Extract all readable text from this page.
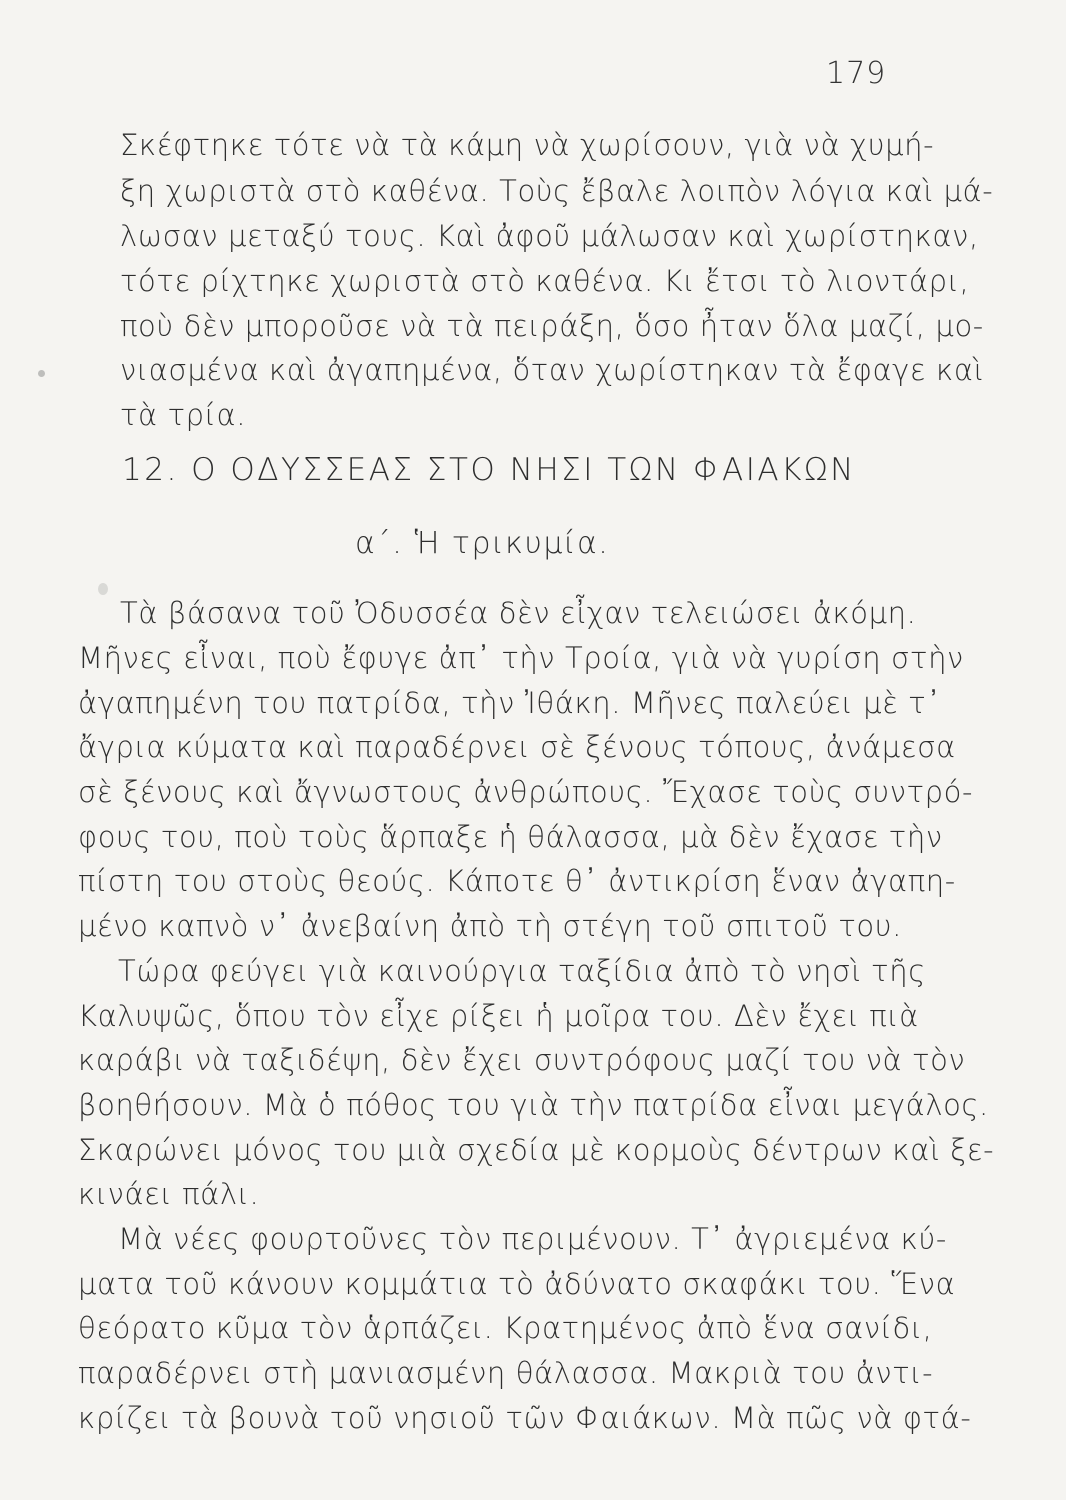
179
Σκέφτηκε τότε νὰ τὰ κάμη νὰ χωρίσουν, γιὰ νὰ χυμή-
ξη χωριστὰ στὸ καθένα. Τοὺς ἔβαλε λοιπὸν λόγια καὶ μά-
λωσαν μεταξύ τους. Καὶ ἀφοῦ μάλωσαν καὶ χωρίστηκαν,
τότε ρίχτηκε χωριστὰ στὸ καθένα. Κι ἔτσι τὸ λιοντάρι,
ποὺ δὲν μποροῦσε νὰ τὰ πειράξη, ὅσο ἦταν ὅλα μαζί, μο-
νιασμένα καὶ ἀγαπημένα, ὅταν χωρίστηκαν τὰ ἔφαγε καὶ
τὰ τρία.
12. Ο ΟΔΥΣΣΕΑΣ ΣΤΟ ΝΗΣΙ ΤΩΝ ΦΑΙΑΚΩΝ
α΄. Ἡ τρικυμία.
Τὰ βάσανα τοῦ Ὀδυσσέα δὲν εἶχαν τελειώσει ἀκόμη.
Μῆνες εἶναι, ποὺ ἔφυγε ἀπ᾿ τὴν Τροία, γιὰ νὰ γυρίση στὴν
ἀγαπημένη του πατρίδα, τὴν Ἰθάκη. Μῆνες παλεύει μὲ τ᾿
ἄγρια κύματα καὶ παραδέρνει σὲ ξένους τόπους, ἀνάμεσα
σὲ ξένους καὶ ἄγνωστους ἀνθρώπους. Ἔχασε τοὺς συντρό-
φους του, ποὺ τοὺς ἅρπαξε ἡ θάλασσα, μὰ δὲν ἔχασε τὴν
πίστη του στοὺς θεούς. Κάποτε θ᾿ ἀντικρίση ἕναν ἀγαπη-
μένο καπνὸ ν᾿ ἀνεβαίνη ἀπὸ τὴ στέγη τοῦ σπιτοῦ του.
Τώρα φεύγει γιὰ καινούργια ταξίδια ἀπὸ τὸ νησὶ τῆς
Καλυψῶς, ὅπου τὸν εἶχε ρίξει ἡ μοῖρα του. Δὲν ἔχει πιὰ
καράβι νὰ ταξιδέψη, δὲν ἔχει συντρόφους μαζί του νὰ τὸν
βοηθήσουν. Μὰ ὁ πόθος του γιὰ τὴν πατρίδα εἶναι μεγάλος.
Σκαρώνει μόνος του μιὰ σχεδία μὲ κορμοὺς δέντρων καὶ ξε-
κινάει πάλι.
Μὰ νέες φουρτοῦνες τὸν περιμένουν. Τ᾿ ἀγριεμένα κύ-
ματα τοῦ κάνουν κομμάτια τὸ ἀδύνατο σκαφάκι του. Ἕνα
θεόρατο κῦμα τὸν ἁρπάζει. Κρατημένος ἀπὸ ἕνα σανίδι,
παραδέρνει στὴ μανιασμένη θάλασσα. Μακριὰ του ἀντι-
κρίζει τὰ βουνὰ τοῦ νησιοῦ τῶν Φαιάκων. Μὰ πῶς νὰ φτά-
